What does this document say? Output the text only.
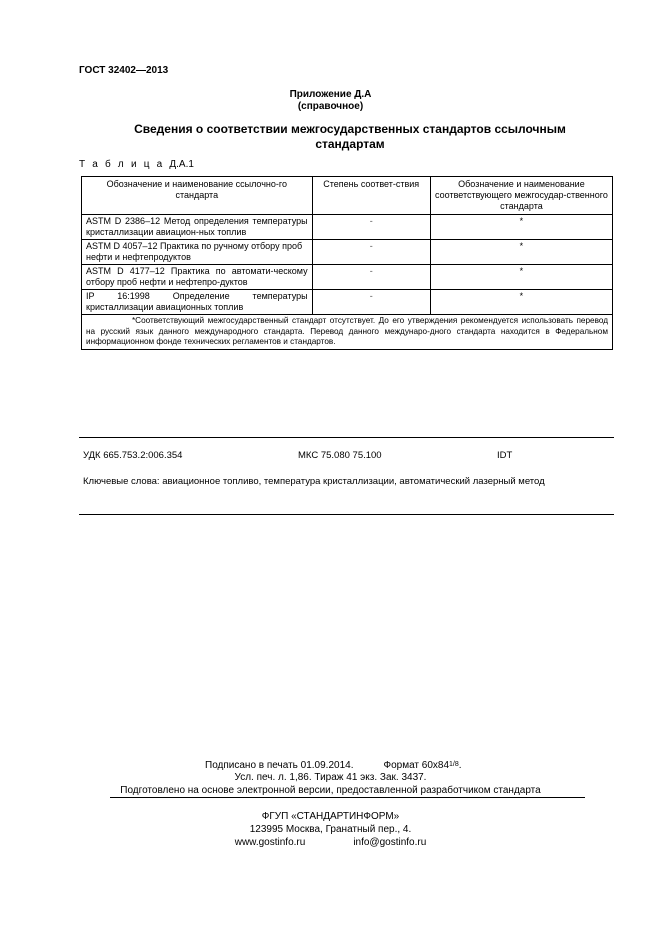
ГОСТ 32402—2013
Приложение Д.А
(справочное)
Сведения о соответствии межгосударственных стандартов ссылочным стандартам
Т а б л и ц а Д.А.1
Обозначение и наименование ссылочно-го стандарта	Степень соответ-ствия	Обозначение и наименование соответствующего межгосудар-ственного стандарта
ASTM D 2386–12 Метод определения температуры кристаллизации авиацион-ных топлив	-	*
ASTM D 4057–12 Практика по ручному отбору проб нефти и нефтепродуктов	-	*
ASTM D 4177–12 Практика по автомати-ческому отбору проб нефти и нефтепро-дуктов	-	*
IP 16:1998 Определение температуры кристаллизации авиационных топлив	-	*
*Соответствующий межгосударственный стандарт отсутствует. До его утверждения рекомендуется использовать перевод на русский язык данного международного стандарта. Перевод данного междунаро-дного стандарта находится в Федеральном информационном фонде технических регламентов и стандартов.		
УДК 665.753.2:006.354	МКС 75.080 75.100	IDT
Ключевые слова: авиационное топливо, температура кристаллизации, автоматический лазерный метод
Подписано в печать 01.09.2014.	Формат $60x84^{1/8}$.
Усл. печ. л. 1,86. Тираж 41 экз. Зак. 3437.
Подготовлено на основе электронной версии, предоставленной разработчиком стандарта
ФГУП «СТАНДАРТИНФОРМ»
123995 Москва, Гранатный пер., 4.
www.gostinfo.ru	info@gostinfo.ru
